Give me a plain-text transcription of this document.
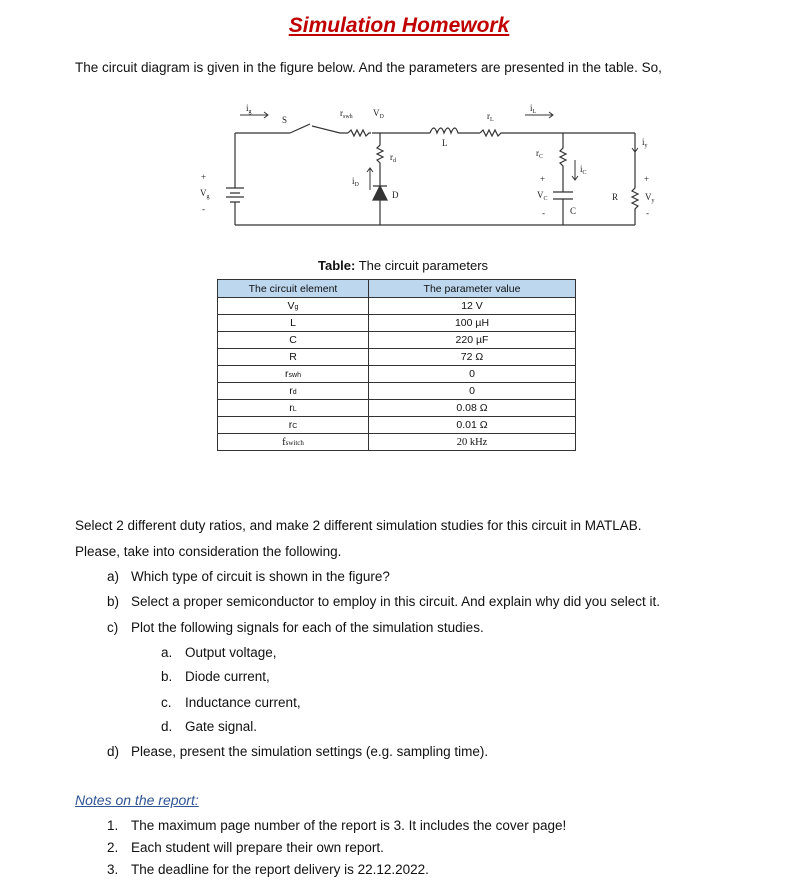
Simulation Homework
The circuit diagram is given in the figure below. And the parameters are presented in the table. So,
$i_g$
S
$r_{swh}$ $V_D$
L
$r_L$
$i_L$
$r_d$
$i_D$
D
$r_C$
$i_C$
$V_C$
+
-	C
R	$V_y$
+
-
$i_y$
$V_g$
+
-
Table: The circuit parameters
The circuit element	The parameter value
Vg	12 V
L	100 µH
C	220 µF
R	72 Ω
rswh	0
rd	0
rL	0.08 Ω
rC	0.01 Ω
fswitch	20 kHz
Select 2 different duty ratios, and make 2 different simulation studies for this circuit in MATLAB.
Please, take into consideration the following.
a) Which type of circuit is shown in the figure?
b) Select a proper semiconductor to employ in this circuit. And explain why did you select it.
c) Plot the following signals for each of the simulation studies.
a. Output voltage,
b. Diode current,
c. Inductance current,
d. Gate signal.
d) Please, present the simulation settings (e.g. sampling time).
Notes on the report:
1. The maximum page number of the report is 3. It includes the cover page!
2. Each student will prepare their own report.
3. The deadline for the report delivery is 22.12.2022.
